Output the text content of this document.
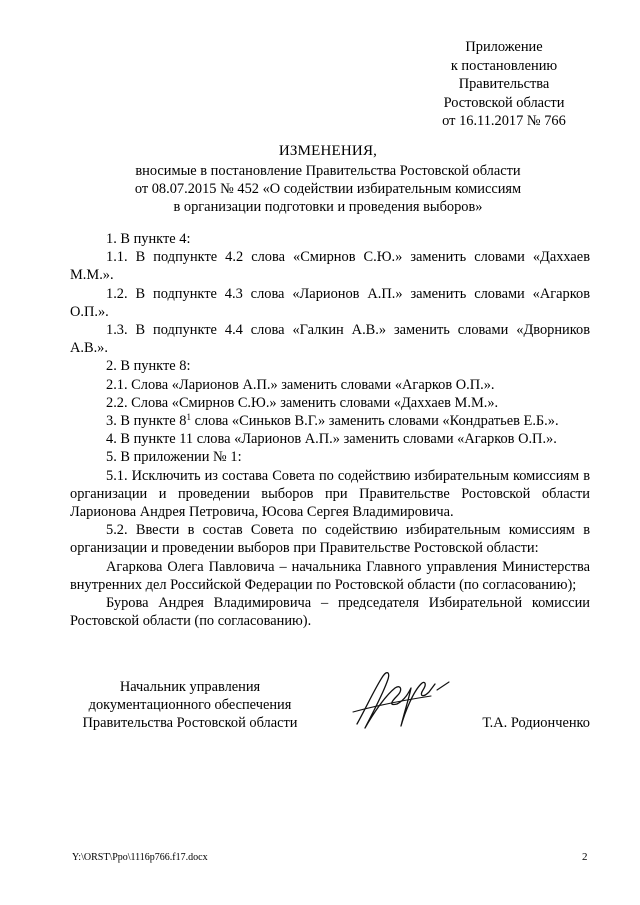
Приложение
к постановлению
Правительства
Ростовской области
от 16.11.2017 № 766
ИЗМЕНЕНИЯ,
вносимые в постановление Правительства Ростовской области
от 08.07.2015 № 452 «О содействии избирательным комиссиям
в организации подготовки и проведения выборов»

1. В пункте 4:

1.1. В подпункте 4.2 слова «Смирнов С.Ю.» заменить словами «Даххаев М.М.».

1.2. В подпункте 4.3 слова «Ларионов А.П.» заменить словами «Агарков О.П.».

1.3. В подпункте 4.4 слова «Галкин А.В.» заменить словами «Дворников А.В.».

2. В пункте 8:

2.1. Слова «Ларионов А.П.» заменить словами «Агарков О.П.».

2.2. Слова «Смирнов С.Ю.» заменить словами «Даххаев М.М.».

3. В пункте $8^1$ слова «Синьков В.Г.» заменить словами «Кондратьев Е.Б.».

4. В пункте 11 слова «Ларионов А.П.» заменить словами «Агарков О.П.».

5. В приложении № 1:

5.1. Исключить из состава Совета по содействию избирательным комиссиям в организации и проведении выборов при Правительстве Ростовской области Ларионова Андрея Петровича, Юсова Сергея Владимировича.

5.2. Ввести в состав Совета по содействию избирательным комиссиям в организации и проведении выборов при Правительстве Ростовской области:

Агаркова Олега Павловича – начальника Главного управления Министерства внутренних дел Российской Федерации по Ростовской области (по согласованию);

Бурова Андрея Владимировича – председателя Избирательной комиссии Ростовской области (по согласованию).

Начальник управления
документационного обеспечения
Правительства Ростовской области	Т.А. Родионченко
Y:\ORST\Ppo\1116p766.f17.docx	2
